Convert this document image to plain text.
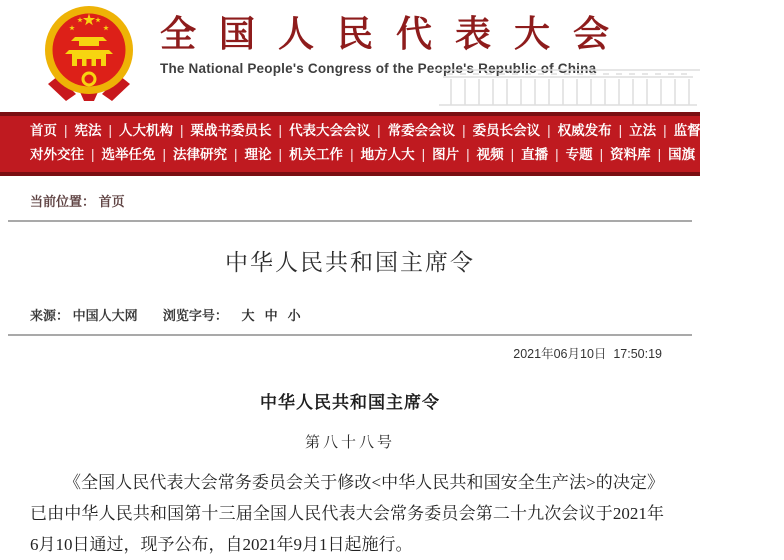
全国人民代表大会
The National People's Congress of the People's Republic of China
首页 | 宪法 | 人大机构 | 栗战书委员长 | 代表大会会议 | 常委会会议 | 委员长会议 | 权威发布 | 立法 | 监督 | 代表
对外交往 | 选举任免 | 法律研究 | 理论 | 机关工作 | 地方人大 | 图片 | 视频 | 直播 | 专题 | 资料库 | 国旗 | 国歌 | 国徽
当前位置： 首页
中华人民共和国主席令
来源： 中国人大网 浏览字号： 大 中 小
2021年06月10日  17:50:19
中华人民共和国主席令
第八十八号
《全国人民代表大会常务委员会关于修改<中华人民共和国安全生产法>的决定》已由中华人民共和国第十三届全国人民代表大会常务委员会第二十九次会议于2021年6月10日通过，现予公布，自2021年9月1日起施行。
